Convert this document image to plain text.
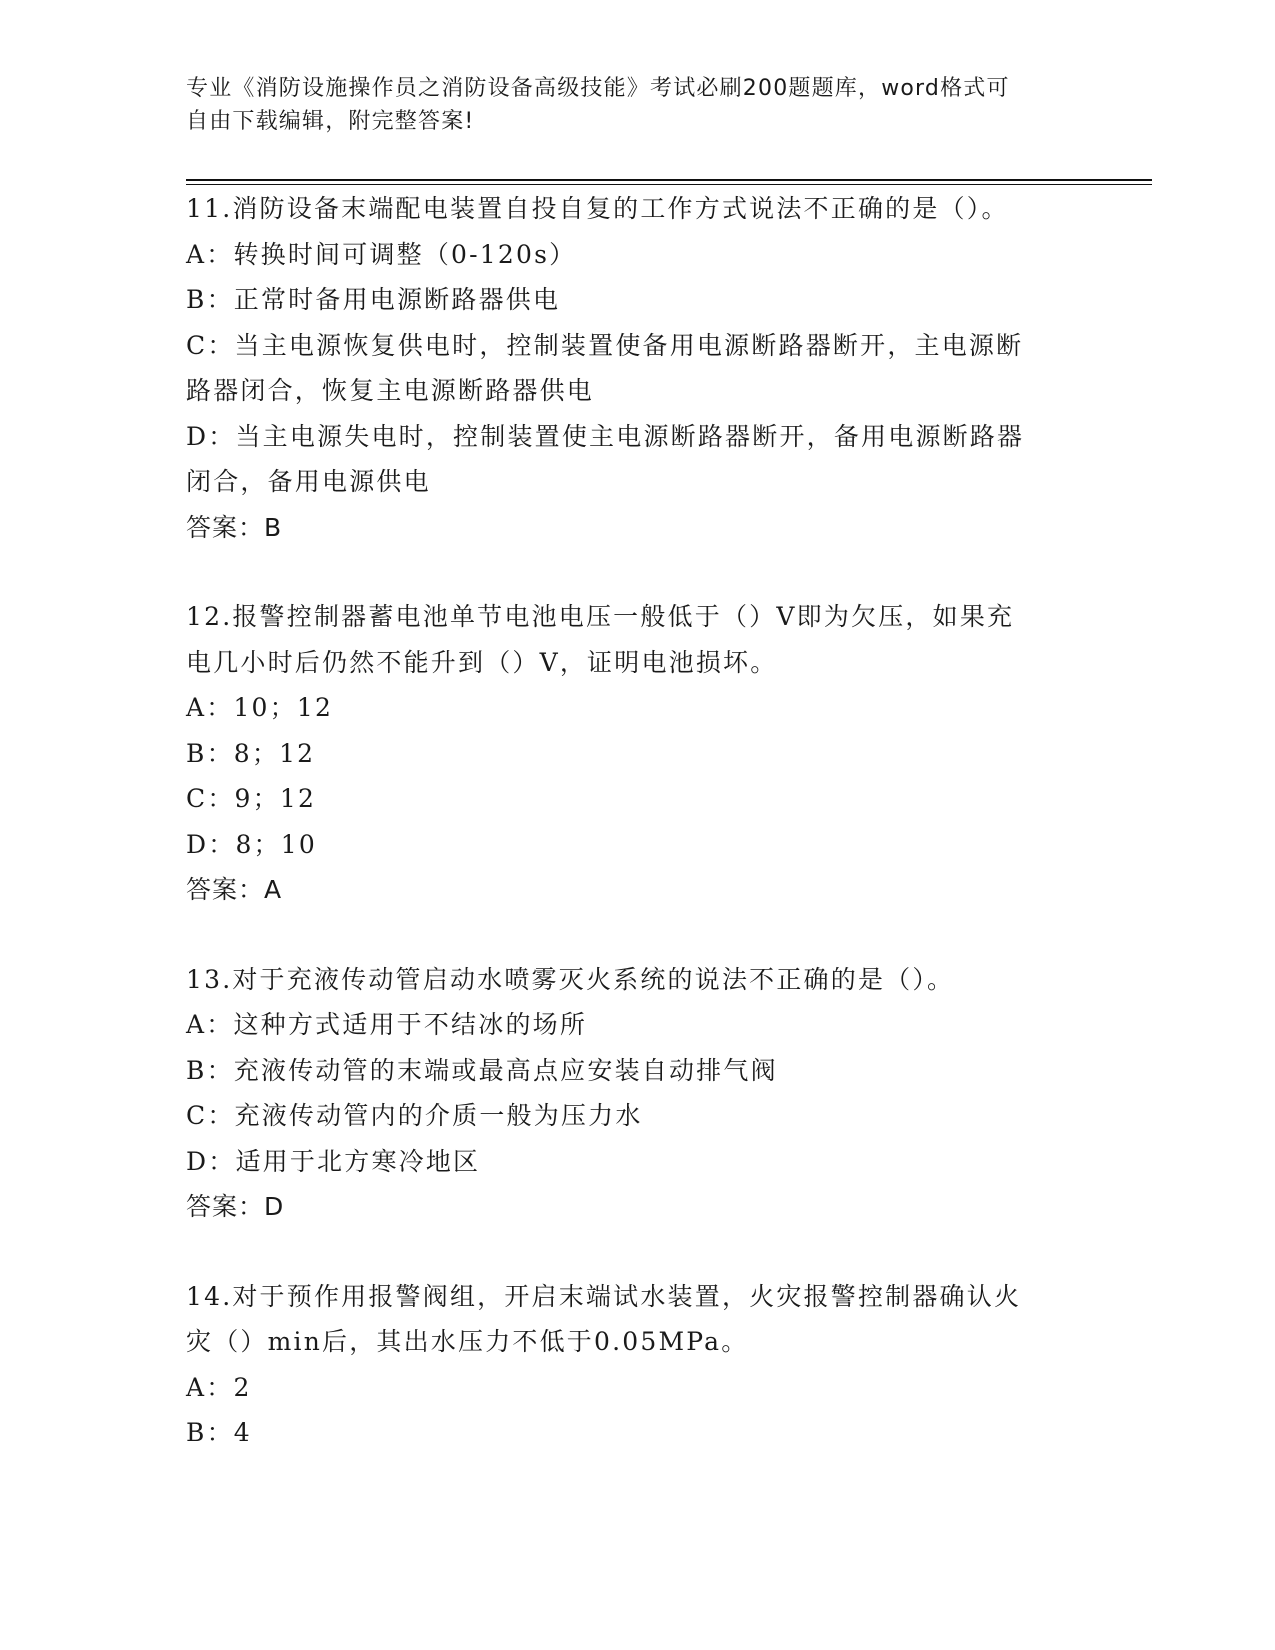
专业《消防设施操作员之消防设备高级技能》考试必刷200题题库，word格式可
自由下载编辑，附完整答案!
11.消防设备末端配电装置自投自复的工作方式说法不正确的是（）。
A：转换时间可调整（0-120s）
B：正常时备用电源断路器供电
C：当主电源恢复供电时，控制装置使备用电源断路器断开，主电源断
路器闭合，恢复主电源断路器供电
D：当主电源失电时，控制装置使主电源断路器断开，备用电源断路器
闭合，备用电源供电
答案：B
12.报警控制器蓄电池单节电池电压一般低于（）V即为欠压，如果充
电几小时后仍然不能升到（）V，证明电池损坏。
A：10；12
B：8；12
C：9；12
D：8；10
答案：A
13.对于充液传动管启动水喷雾灭火系统的说法不正确的是（）。
A：这种方式适用于不结冰的场所
B：充液传动管的末端或最高点应安装自动排气阀
C：充液传动管内的介质一般为压力水
D：适用于北方寒冷地区
答案：D
14.对于预作用报警阀组，开启末端试水装置，火灾报警控制器确认火
灾（）min后，其出水压力不低于0.05MPa。
A：2
B：4
